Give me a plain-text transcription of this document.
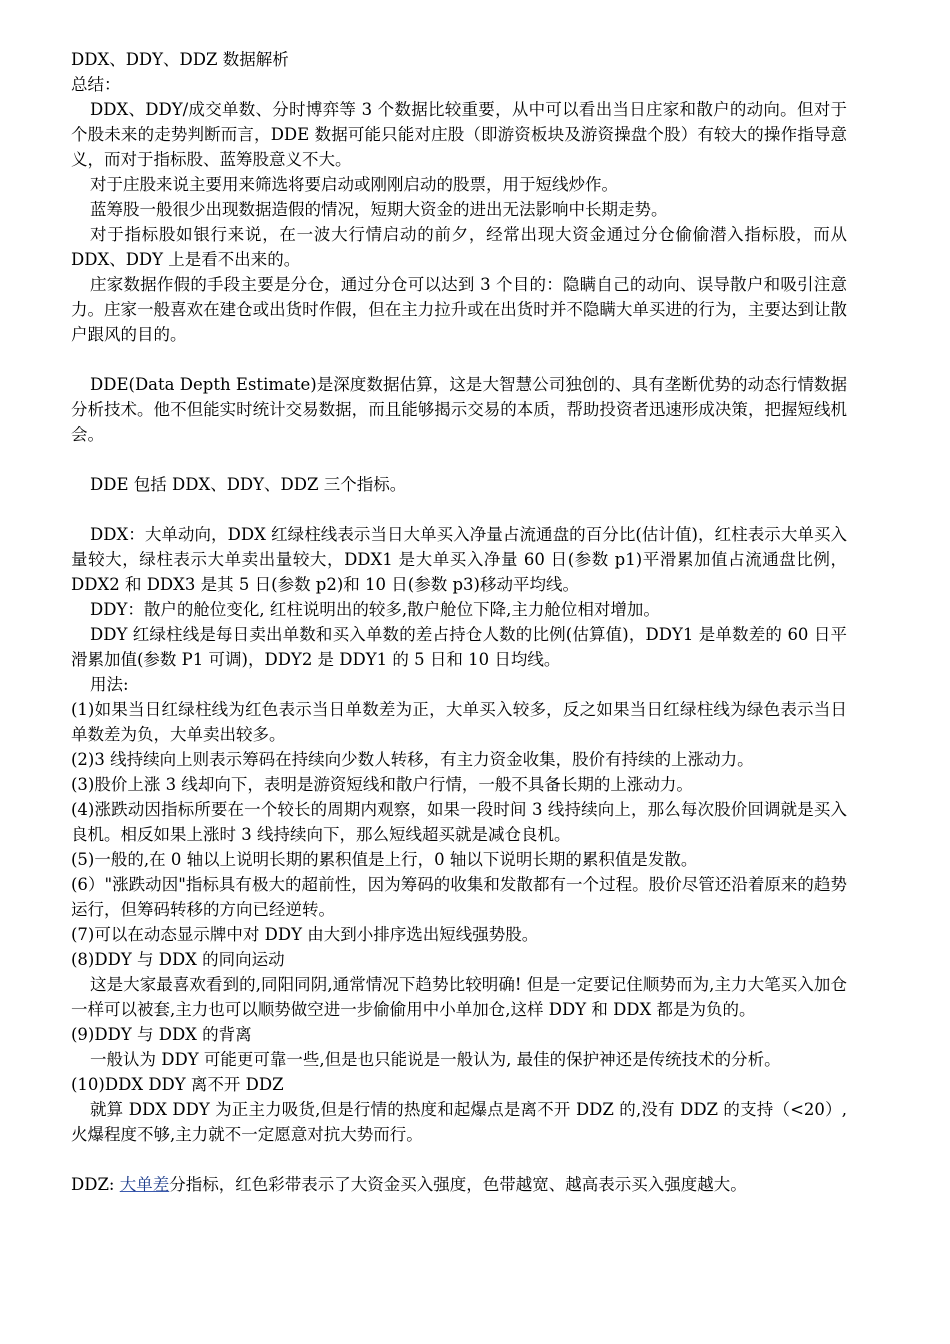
DDX、DDY、DDZ 数据解析

总结：

DDX、DDY/成交单数、分时博弈等 3 个数据比较重要，从中可以看出当日庄家和散户的动向。但对于个股未来的走势判断而言，DDE 数据可能只能对庄股（即游资板块及游资操盘个股）有较大的操作指导意义，而对于指标股、蓝筹股意义不大。

对于庄股来说主要用来筛选将要启动或刚刚启动的股票，用于短线炒作。

蓝筹股一般很少出现数据造假的情况，短期大资金的进出无法影响中长期走势。

对于指标股如银行来说，在一波大行情启动的前夕，经常出现大资金通过分仓偷偷潜入指标股，而从 DDX、DDY 上是看不出来的。

庄家数据作假的手段主要是分仓，通过分仓可以达到 3 个目的：隐瞒自己的动向、误导散户和吸引注意力。庄家一般喜欢在建仓或出货时作假，但在主力拉升或在出货时并不隐瞒大单买进的行为，主要达到让散户跟风的目的。

DDE(Data Depth Estimate)是深度数据估算，这是大智慧公司独创的、具有垄断优势的动态行情数据分析技术。他不但能实时统计交易数据，而且能够揭示交易的本质，帮助投资者迅速形成决策，把握短线机会。

DDE 包括 DDX、DDY、DDZ 三个指标。

DDX：大单动向，DDX 红绿柱线表示当日大单买入净量占流通盘的百分比(估计值)，红柱表示大单买入量较大，绿柱表示大单卖出量较大，DDX1 是大单买入净量 60 日(参数 p1)平滑累加值占流通盘比例，DDX2 和 DDX3 是其 5 日(参数 p2)和 10 日(参数 p3)移动平均线。

DDY：散户的舱位变化, 红柱说明出的较多,散户舱位下降,主力舱位相对增加。

DDY 红绿柱线是每日卖出单数和买入单数的差占持仓人数的比例(估算值)，DDY1 是单数差的 60 日平滑累加值(参数 P1 可调)，DDY2 是 DDY1 的 5 日和 10 日均线。

用法:

(1)如果当日红绿柱线为红色表示当日单数差为正，大单买入较多，反之如果当日红绿柱线为绿色表示当日单数差为负，大单卖出较多。

(2)3 线持续向上则表示筹码在持续向少数人转移，有主力资金收集，股价有持续的上涨动力。

(3)股价上涨 3 线却向下，表明是游资短线和散户行情，一般不具备长期的上涨动力。

(4)涨跌动因指标所要在一个较长的周期内观察，如果一段时间 3 线持续向上，那么每次股价回调就是买入良机。相反如果上涨时 3 线持续向下，那么短线超买就是减仓良机。

(5)一般的,在 0 轴以上说明长期的累积值是上行，0 轴以下说明长期的累积值是发散。

(6）"涨跌动因"指标具有极大的超前性，因为筹码的收集和发散都有一个过程。股价尽管还沿着原来的趋势运行，但筹码转移的方向已经逆转。

(7)可以在动态显示牌中对 DDY 由大到小排序选出短线强势股。

(8)DDY 与 DDX 的同向运动

这是大家最喜欢看到的,同阳同阴,通常情况下趋势比较明确! 但是一定要记住顺势而为,主力大笔买入加仓一样可以被套,主力也可以顺势做空进一步偷偷用中小单加仓,这样 DDY 和 DDX 都是为负的。

(9)DDY 与 DDX 的背离

一般认为 DDY 可能更可靠一些,但是也只能说是一般认为, 最佳的保护神还是传统技术的分析。

(10)DDX DDY 离不开 DDZ

就算 DDX DDY 为正主力吸货,但是行情的热度和起爆点是离不开 DDZ 的,没有 DDZ 的支持（<20）, 火爆程度不够,主力就不一定愿意对抗大势而行。

DDZ: 大单差分指标，红色彩带表示了大资金买入强度，色带越宽、越高表示买入强度越大。
